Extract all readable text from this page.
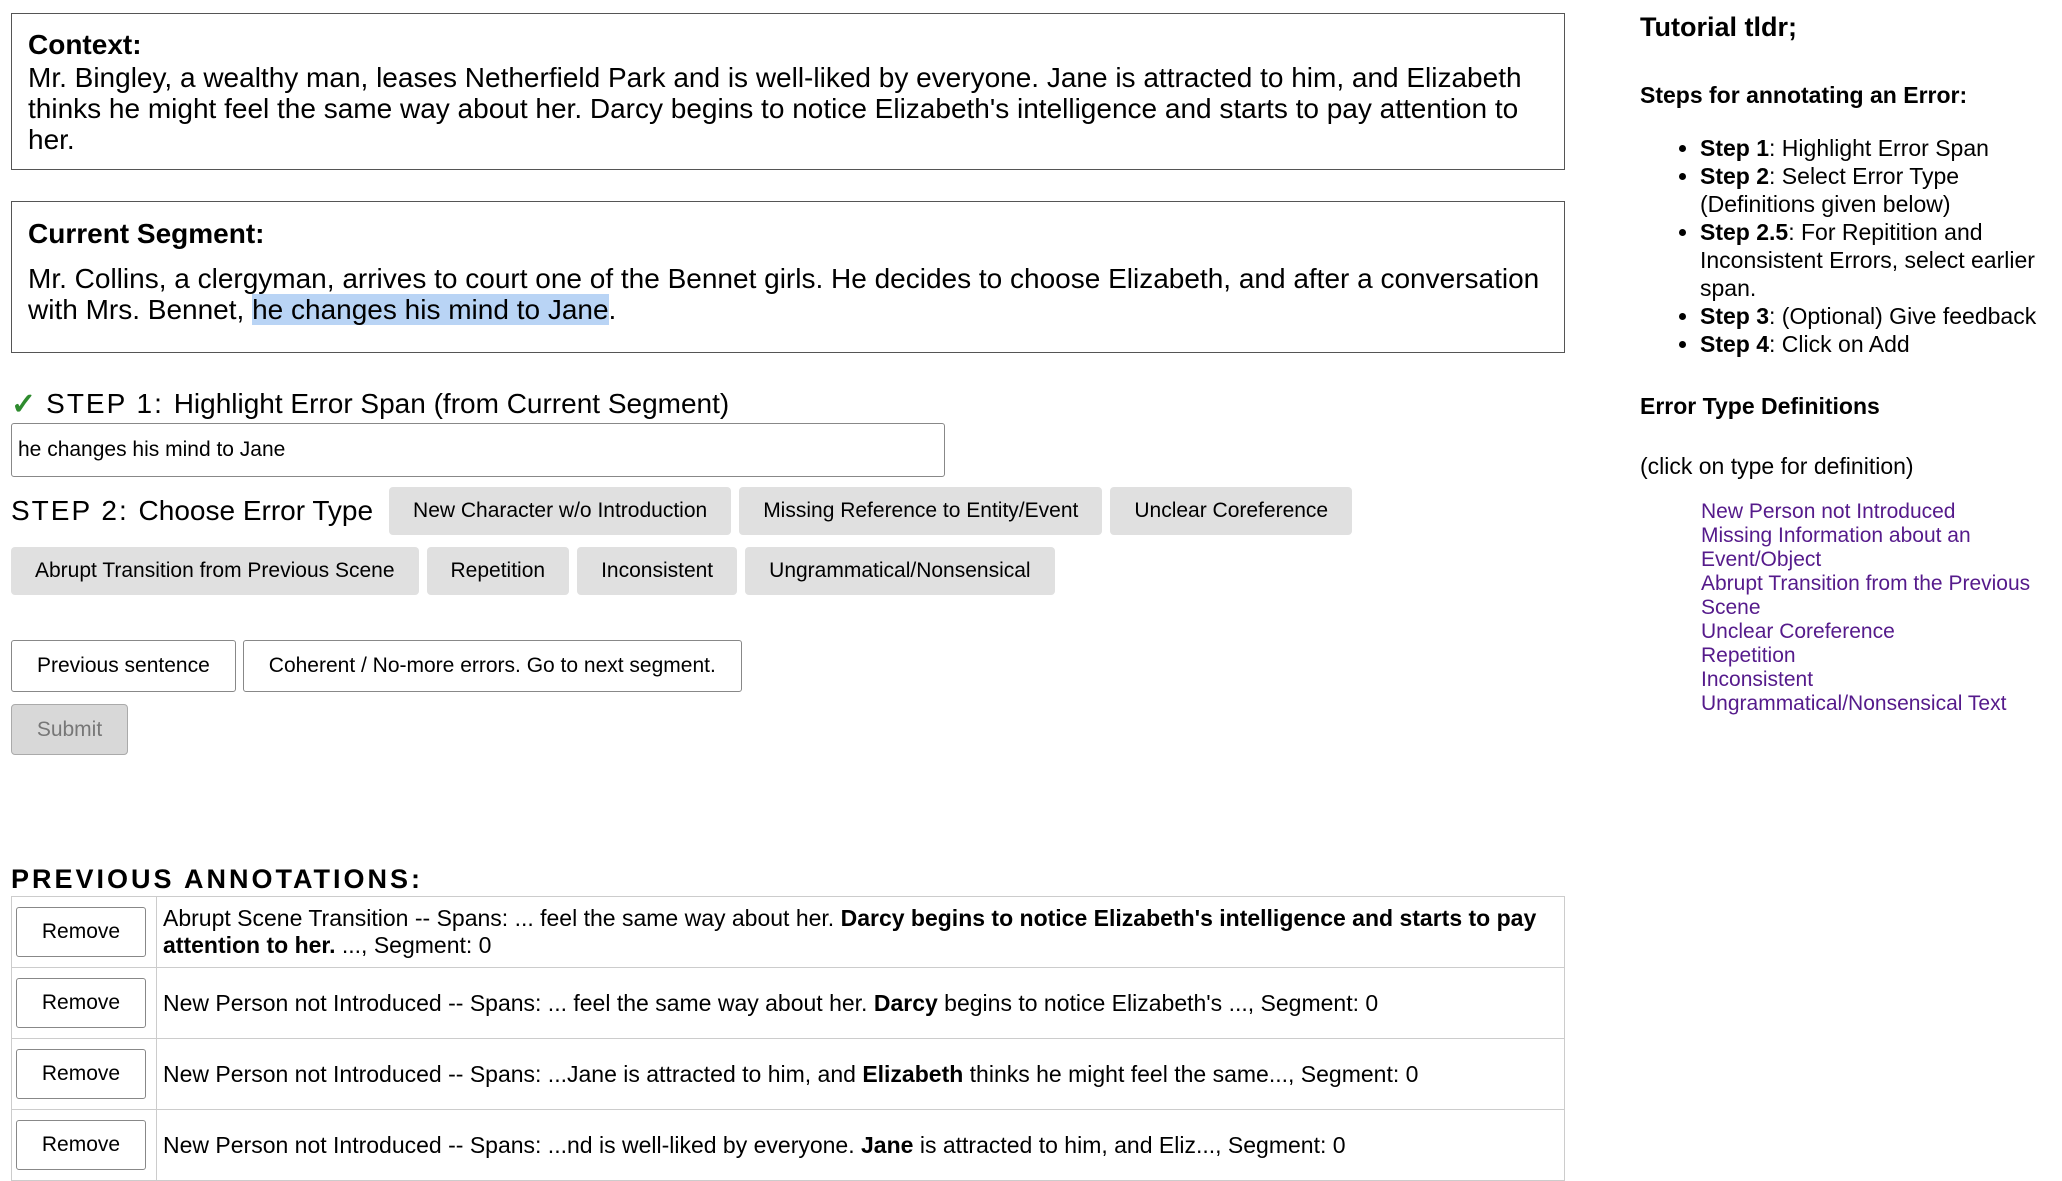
Context:
Mr. Bingley, a wealthy man, leases Netherfield Park and is well-liked by everyone. Jane is attracted to him, and Elizabeth thinks he might feel the same way about her. Darcy begins to notice Elizabeth's intelligence and starts to pay attention to her.
Current Segment:
Mr. Collins, a clergyman, arrives to court one of the Bennet girls. He decides to choose Elizabeth, and after a conversation with Mrs. Bennet, he changes his mind to Jane.
✓ STEP 1: Highlight Error Span (from Current Segment)
he changes his mind to Jane
STEP 2: Choose Error Type	New Character w/o Introduction	Missing Reference to Entity/Event	Unclear Coreference
Abrupt Transition from Previous Scene	Repetition	Inconsistent	Ungrammatical/Nonsensical
Previous sentence	Coherent / No-more errors. Go to next segment.
Submit
PREVIOUS ANNOTATIONS:
Remove	Abrupt Scene Transition -- Spans: ... feel the same way about her. Darcy begins to notice Elizabeth's intelligence and starts to pay attention to her. ..., Segment: 0
Remove	New Person not Introduced -- Spans: ... feel the same way about her. Darcy begins to notice Elizabeth's ..., Segment: 0
Remove	New Person not Introduced -- Spans: ...Jane is attracted to him, and Elizabeth thinks he might feel the same..., Segment: 0
Remove	New Person not Introduced -- Spans: ...nd is well-liked by everyone. Jane is attracted to him, and Eliz..., Segment: 0
Tutorial tldr;
Steps for annotating an Error:
• Step 1: Highlight Error Span
• Step 2: Select Error Type (Definitions given below)
• Step 2.5: For Repitition and Inconsistent Errors, select earlier span.
• Step 3: (Optional) Give feedback
• Step 4: Click on Add
Error Type Definitions
(click on type for definition)
New Person not Introduced
Missing Information about an Event/Object
Abrupt Transition from the Previous Scene
Unclear Coreference
Repetition
Inconsistent
Ungrammatical/Nonsensical Text
